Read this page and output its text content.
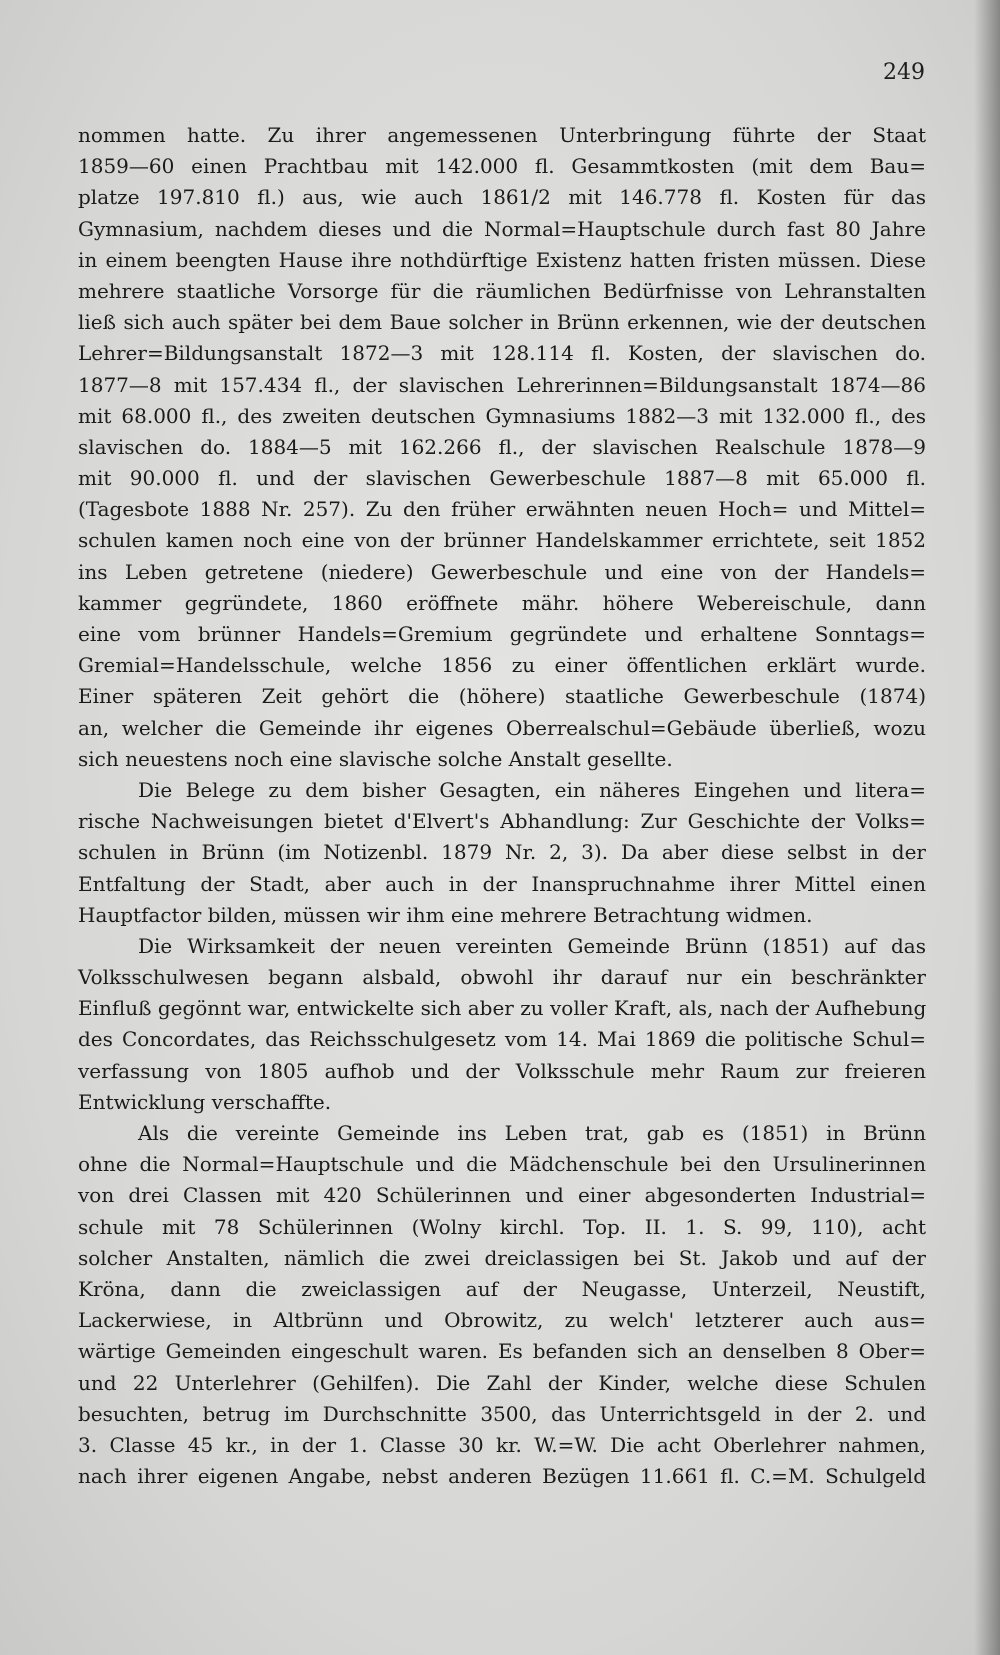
249
nommen hatte. Zu ihrer angemessenen Unterbringung führte der Staat
1859—60 einen Prachtbau mit 142.000 fl. Gesammtkosten (mit dem Bau=
platze 197.810 fl.) aus, wie auch 1861/2 mit 146.778 fl. Kosten für das
Gymnasium, nachdem dieses und die Normal=Hauptschule durch fast 80 Jahre
in einem beengten Hause ihre nothdürftige Existenz hatten fristen müssen. Diese
mehrere staatliche Vorsorge für die räumlichen Bedürfnisse von Lehranstalten
ließ sich auch später bei dem Baue solcher in Brünn erkennen, wie der deutschen
Lehrer=Bildungsanstalt 1872—3 mit 128.114 fl. Kosten, der slavischen do.
1877—8 mit 157.434 fl., der slavischen Lehrerinnen=Bildungsanstalt 1874—86
mit 68.000 fl., des zweiten deutschen Gymnasiums 1882—3 mit 132.000 fl., des
slavischen do. 1884—5 mit 162.266 fl., der slavischen Realschule 1878—9
mit 90.000 fl. und der slavischen Gewerbeschule 1887—8 mit 65.000 fl.
(Tagesbote 1888 Nr. 257). Zu den früher erwähnten neuen Hoch= und Mittel=
schulen kamen noch eine von der brünner Handelskammer errichtete, seit 1852
ins Leben getretene (niedere) Gewerbeschule und eine von der Handels=
kammer gegründete, 1860 eröffnete mähr. höhere Webereischule, dann
eine vom brünner Handels=Gremium gegründete und erhaltene Sonntags=
Gremial=Handelsschule, welche 1856 zu einer öffentlichen erklärt wurde.
Einer späteren Zeit gehört die (höhere) staatliche Gewerbeschule (1874)
an, welcher die Gemeinde ihr eigenes Oberrealschul=Gebäude überließ, wozu
sich neuestens noch eine slavische solche Anstalt gesellte.
Die Belege zu dem bisher Gesagten, ein näheres Eingehen und litera=
rische Nachweisungen bietet d'Elvert's Abhandlung: Zur Geschichte der Volks=
schulen in Brünn (im Notizenbl. 1879 Nr. 2, 3). Da aber diese selbst in der
Entfaltung der Stadt, aber auch in der Inanspruchnahme ihrer Mittel einen
Hauptfactor bilden, müssen wir ihm eine mehrere Betrachtung widmen.
Die Wirksamkeit der neuen vereinten Gemeinde Brünn (1851) auf das
Volksschulwesen begann alsbald, obwohl ihr darauf nur ein beschränkter
Einfluß gegönnt war, entwickelte sich aber zu voller Kraft, als, nach der Aufhebung
des Concordates, das Reichsschulgesetz vom 14. Mai 1869 die politische Schul=
verfassung von 1805 aufhob und der Volksschule mehr Raum zur freieren
Entwicklung verschaffte.
Als die vereinte Gemeinde ins Leben trat, gab es (1851) in Brünn
ohne die Normal=Hauptschule und die Mädchenschule bei den Ursulinerinnen
von drei Classen mit 420 Schülerinnen und einer abgesonderten Industrial=
schule mit 78 Schülerinnen (Wolny kirchl. Top. II. 1. S. 99, 110), acht
solcher Anstalten, nämlich die zwei dreiclassigen bei St. Jakob und auf der
Kröna, dann die zweiclassigen auf der Neugasse, Unterzeil, Neustift,
Lackerwiese, in Altbrünn und Obrowitz, zu welch' letzterer auch aus=
wärtige Gemeinden eingeschult waren. Es befanden sich an denselben 8 Ober=
und 22 Unterlehrer (Gehilfen). Die Zahl der Kinder, welche diese Schulen
besuchten, betrug im Durchschnitte 3500, das Unterrichtsgeld in der 2. und
3. Classe 45 kr., in der 1. Classe 30 kr. W.=W. Die acht Oberlehrer nahmen,
nach ihrer eigenen Angabe, nebst anderen Bezügen 11.661 fl. C.=M. Schulgeld
